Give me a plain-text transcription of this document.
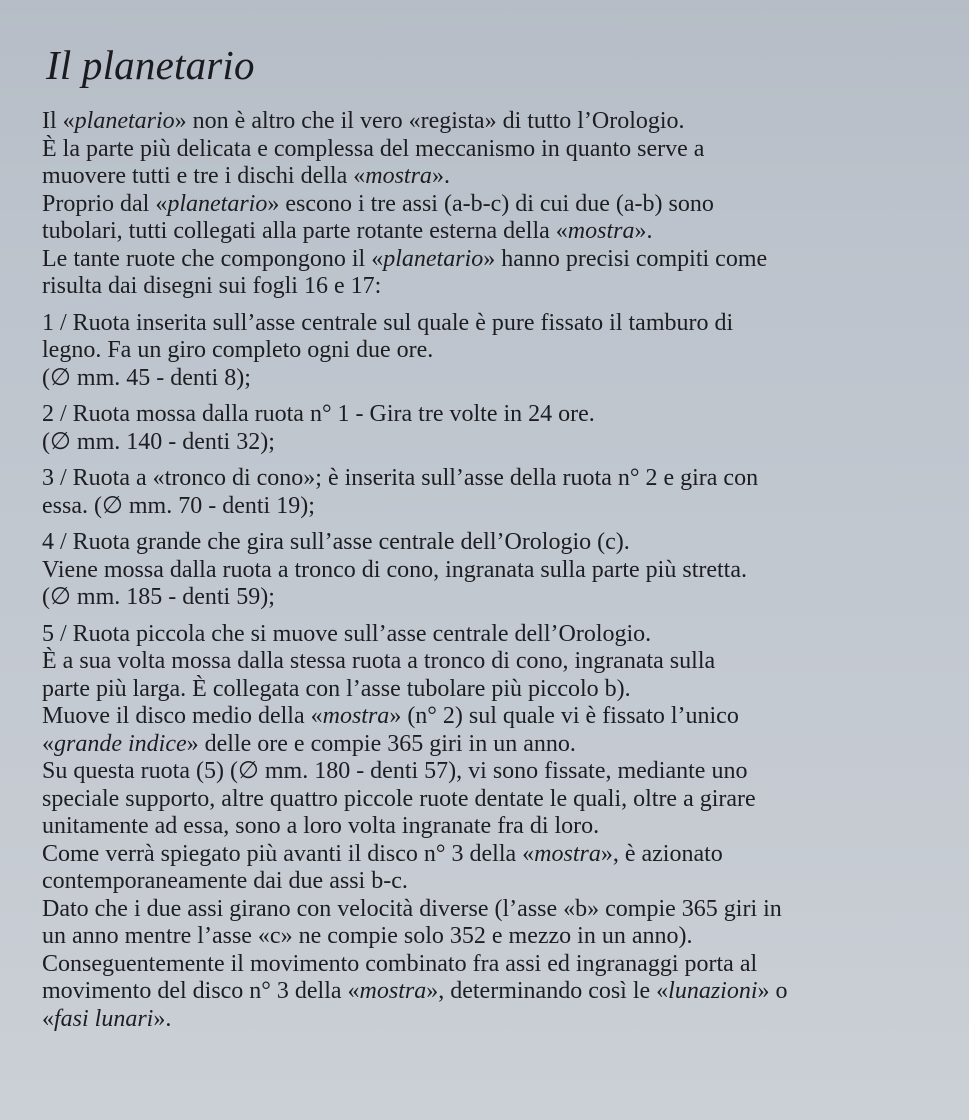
Il planetario
Il «planetario» non è altro che il vero «regista» di tutto l’Orologio.
È la parte più delicata e complessa del meccanismo in quanto serve a
muovere tutti e tre i dischi della «mostra».
Proprio dal «planetario» escono i tre assi (a-b-c) di cui due (a-b) sono
tubolari, tutti collegati alla parte rotante esterna della «mostra».
Le tante ruote che compongono il «planetario» hanno precisi compiti come
risulta dai disegni sui fogli 16 e 17:
1 / Ruota inserita sull’asse centrale sul quale è pure fissato il tamburo di
legno. Fa un giro completo ogni due ore.
(∅ mm. 45 - denti 8);
2 / Ruota mossa dalla ruota n° 1 - Gira tre volte in 24 ore.
(∅ mm. 140 - denti 32);
3 / Ruota a «tronco di cono»; è inserita sull’asse della ruota n° 2 e gira con
essa. (∅ mm. 70 - denti 19);
4 / Ruota grande che gira sull’asse centrale dell’Orologio (c).
Viene mossa dalla ruota a tronco di cono, ingranata sulla parte più stretta.
(∅ mm. 185 - denti 59);
5 / Ruota piccola che si muove sull’asse centrale dell’Orologio.
È a sua volta mossa dalla stessa ruota a tronco di cono, ingranata sulla
parte più larga. È collegata con l’asse tubolare più piccolo b).
Muove il disco medio della «mostra» (n° 2) sul quale vi è fissato l’unico
«grande indice» delle ore e compie 365 giri in un anno.
Su questa ruota (5) (∅ mm. 180 - denti 57), vi sono fissate, mediante uno
speciale supporto, altre quattro piccole ruote dentate le quali, oltre a girare
unitamente ad essa, sono a loro volta ingranate fra di loro.
Come verrà spiegato più avanti il disco n° 3 della «mostra», è azionato
contemporaneamente dai due assi b-c.
Dato che i due assi girano con velocità diverse (l’asse «b» compie 365 giri in
un anno mentre l’asse «c» ne compie solo 352 e mezzo in un anno).
Conseguentemente il movimento combinato fra assi ed ingranaggi porta al
movimento del disco n° 3 della «mostra», determinando così le «lunazioni» o
«fasi lunari».
